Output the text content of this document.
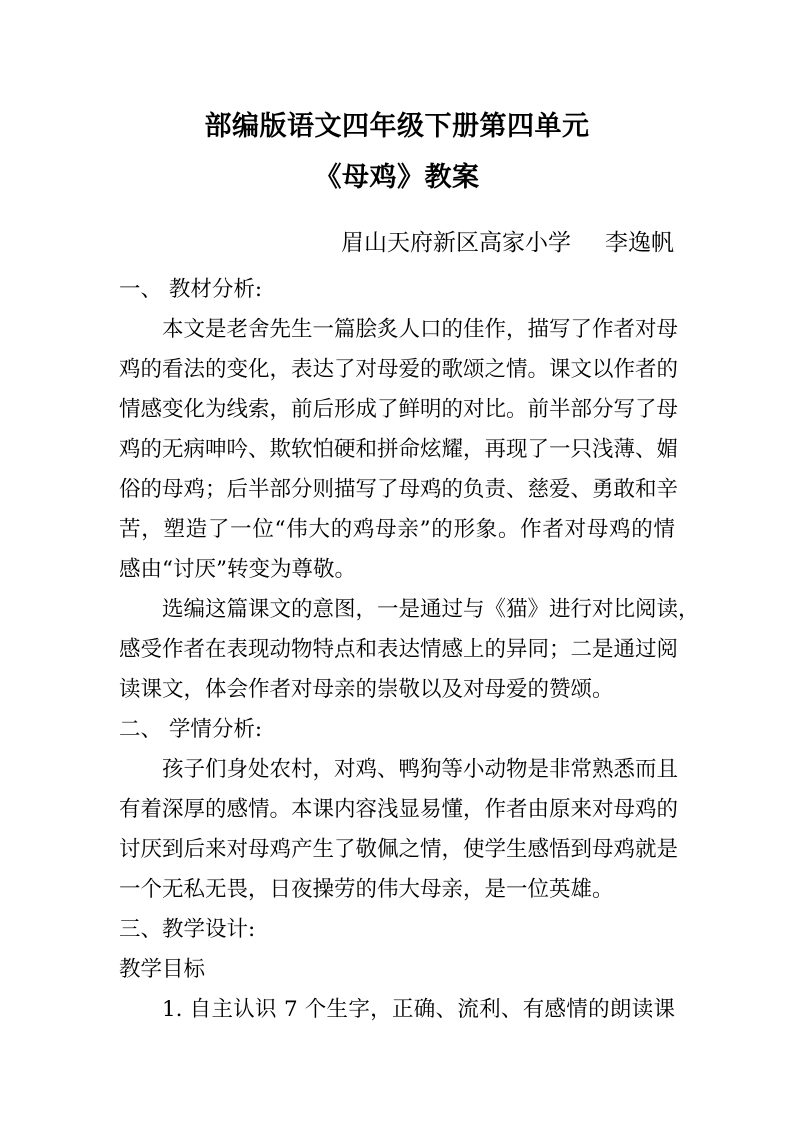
部编版语文四年级下册第四单元
《母鸡》教案
眉山天府新区高家小学 李逸帆
一、 教材分析:
本文是老舍先生一篇脍炙人口的佳作，描写了作者对母
鸡的看法的变化，表达了对母爱的歌颂之情。课文以作者的
情感变化为线索，前后形成了鲜明的对比。前半部分写了母
鸡的无病呻吟、欺软怕硬和拼命炫耀，再现了一只浅薄、媚
俗的母鸡；后半部分则描写了母鸡的负责、慈爱、勇敢和辛
苦，塑造了一位“伟大的鸡母亲”的形象。作者对母鸡的情
感由“讨厌”转变为尊敬。
选编这篇课文的意图，一是通过与《猫》进行对比阅读，
感受作者在表现动物特点和表达情感上的异同；二是通过阅
读课文，体会作者对母亲的崇敬以及对母爱的赞颂。
二、 学情分析:
孩子们身处农村，对鸡、鸭狗等小动物是非常熟悉而且
有着深厚的感情。本课内容浅显易懂，作者由原来对母鸡的
讨厌到后来对母鸡产生了敬佩之情，使学生感悟到母鸡就是
一个无私无畏，日夜操劳的伟大母亲，是一位英雄。
三、教学设计:
教学目标
1. 自主认识 7 个生字，正确、流利、有感情的朗读课
